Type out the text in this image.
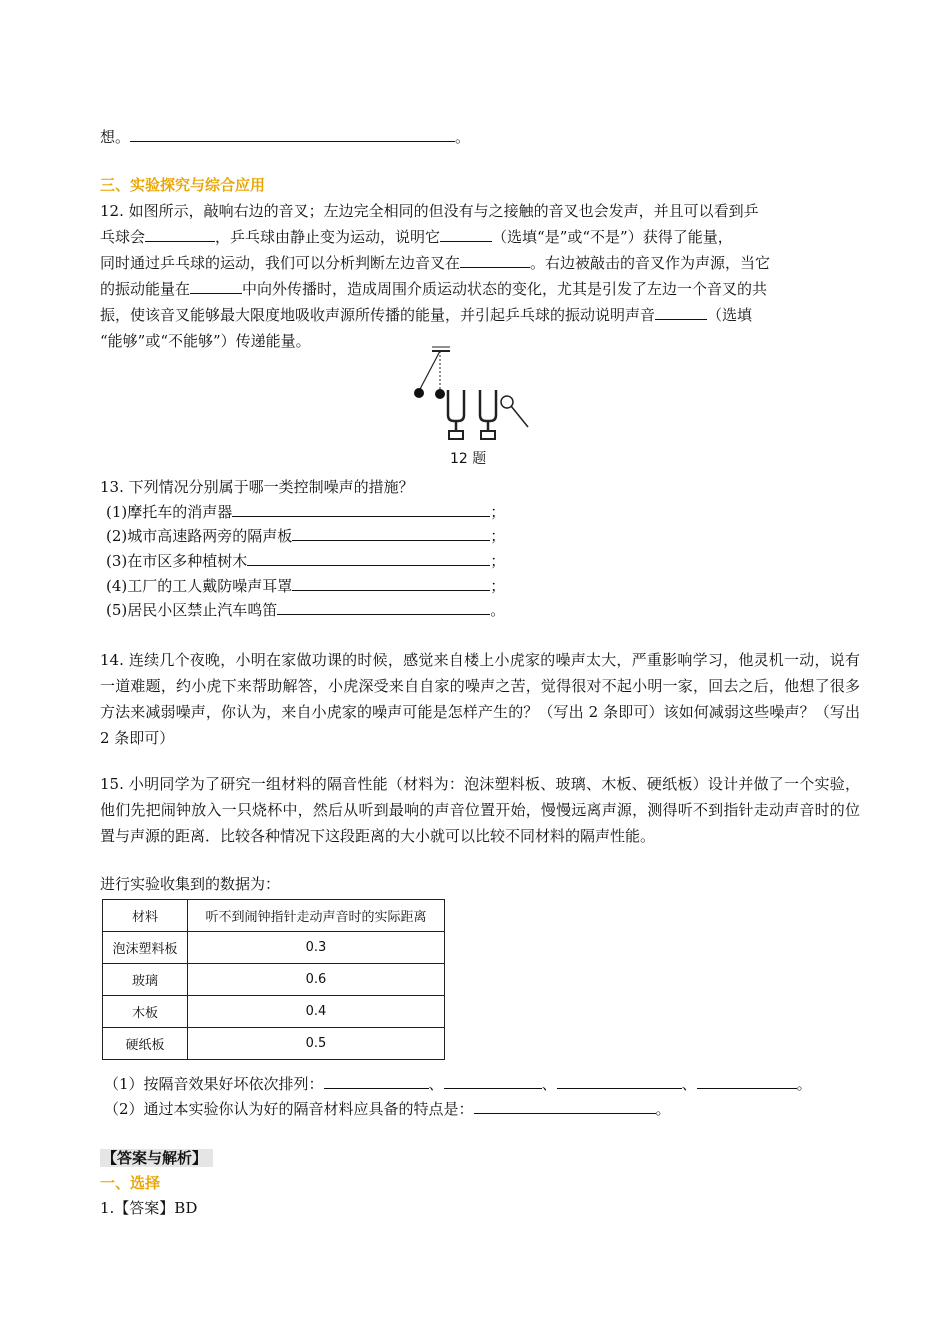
想。	。
三、实验探究与综合应用
12. 如图所示，敲响右边的音叉；左边完全相同的但没有与之接触的音叉也会发声，并且可以看到乒
乓球会	，乒乓球由静止变为运动，说明它	（选填“是”或“不是”）获得了能量，
同时通过乒乓球的运动，我们可以分析判断左边音叉在	。右边被敲击的音叉作为声源，当它
的振动能量在	中向外传播时，造成周围介质运动状态的变化，尤其是引发了左边一个音叉的共
振，使该音叉能够最大限度地吸收声源所传播的能量，并引起乒乓球的振动说明声音	（选填
“能够”或“不能够”）传递能量。
12 题
13. 下列情况分别属于哪一类控制噪声的措施？
(1)摩托车的消声器	；
(2)城市高速路两旁的隔声板	；
(3)在市区多种植树木	；
(4)工厂的工人戴防噪声耳罩	；
(5)居民小区禁止汽车鸣笛	。
14. 连续几个夜晚，小明在家做功课的时候，感觉来自楼上小虎家的噪声太大，严重影响学习，他灵机一动，说有一道难题，约小虎下来帮助解答，小虎深受来自自家的噪声之苦，觉得很对不起小明一家，回去之后，他想了很多方法来减弱噪声，你认为，来自小虎家的噪声可能是怎样产生的？（写出 2 条即可）该如何减弱这些噪声？（写出 2 条即可）
15. 小明同学为了研究一组材料的隔音性能（材料为：泡沫塑料板、玻璃、木板、硬纸板）设计并做了一个实验，他们先把闹钟放入一只烧杯中，然后从听到最响的声音位置开始，慢慢远离声源，测得听不到指针走动声音时的位置与声源的距离．比较各种情况下这段距离的大小就可以比较不同材料的隔声性能。
进行实验收集到的数据为：
材料	听不到闹钟指针走动声音时的实际距离
泡沫塑料板	0.3
玻璃	0.6
木板	0.4
硬纸板	0.5
（1）按隔音效果好坏依次排列：	、	、	、	。
（2）通过本实验你认为好的隔音材料应具备的特点是：	。
【答案与解析】
一、选择
1.【答案】BD
